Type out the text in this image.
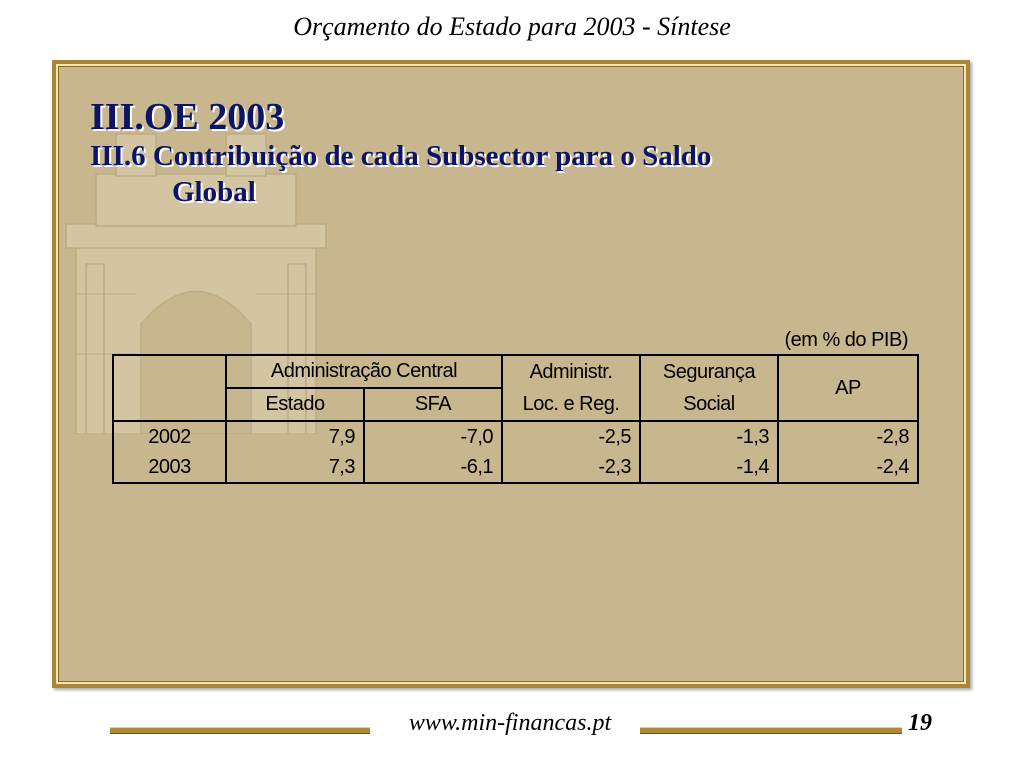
Orçamento do Estado para 2003 - Síntese
III.OE 2003
III.6 Contribuição de cada Subsector para o Saldo
Global
(em % do PIB)
	Administração Central		Administr.	Segurança	AP
	Estado	SFA	Loc. e Reg.	Social	
2002	7,9	-7,0	-2,5	-1,3	-2,8
2003	7,3	-6,1	-2,3	-1,4	-2,4
www.min-financas.pt	19
